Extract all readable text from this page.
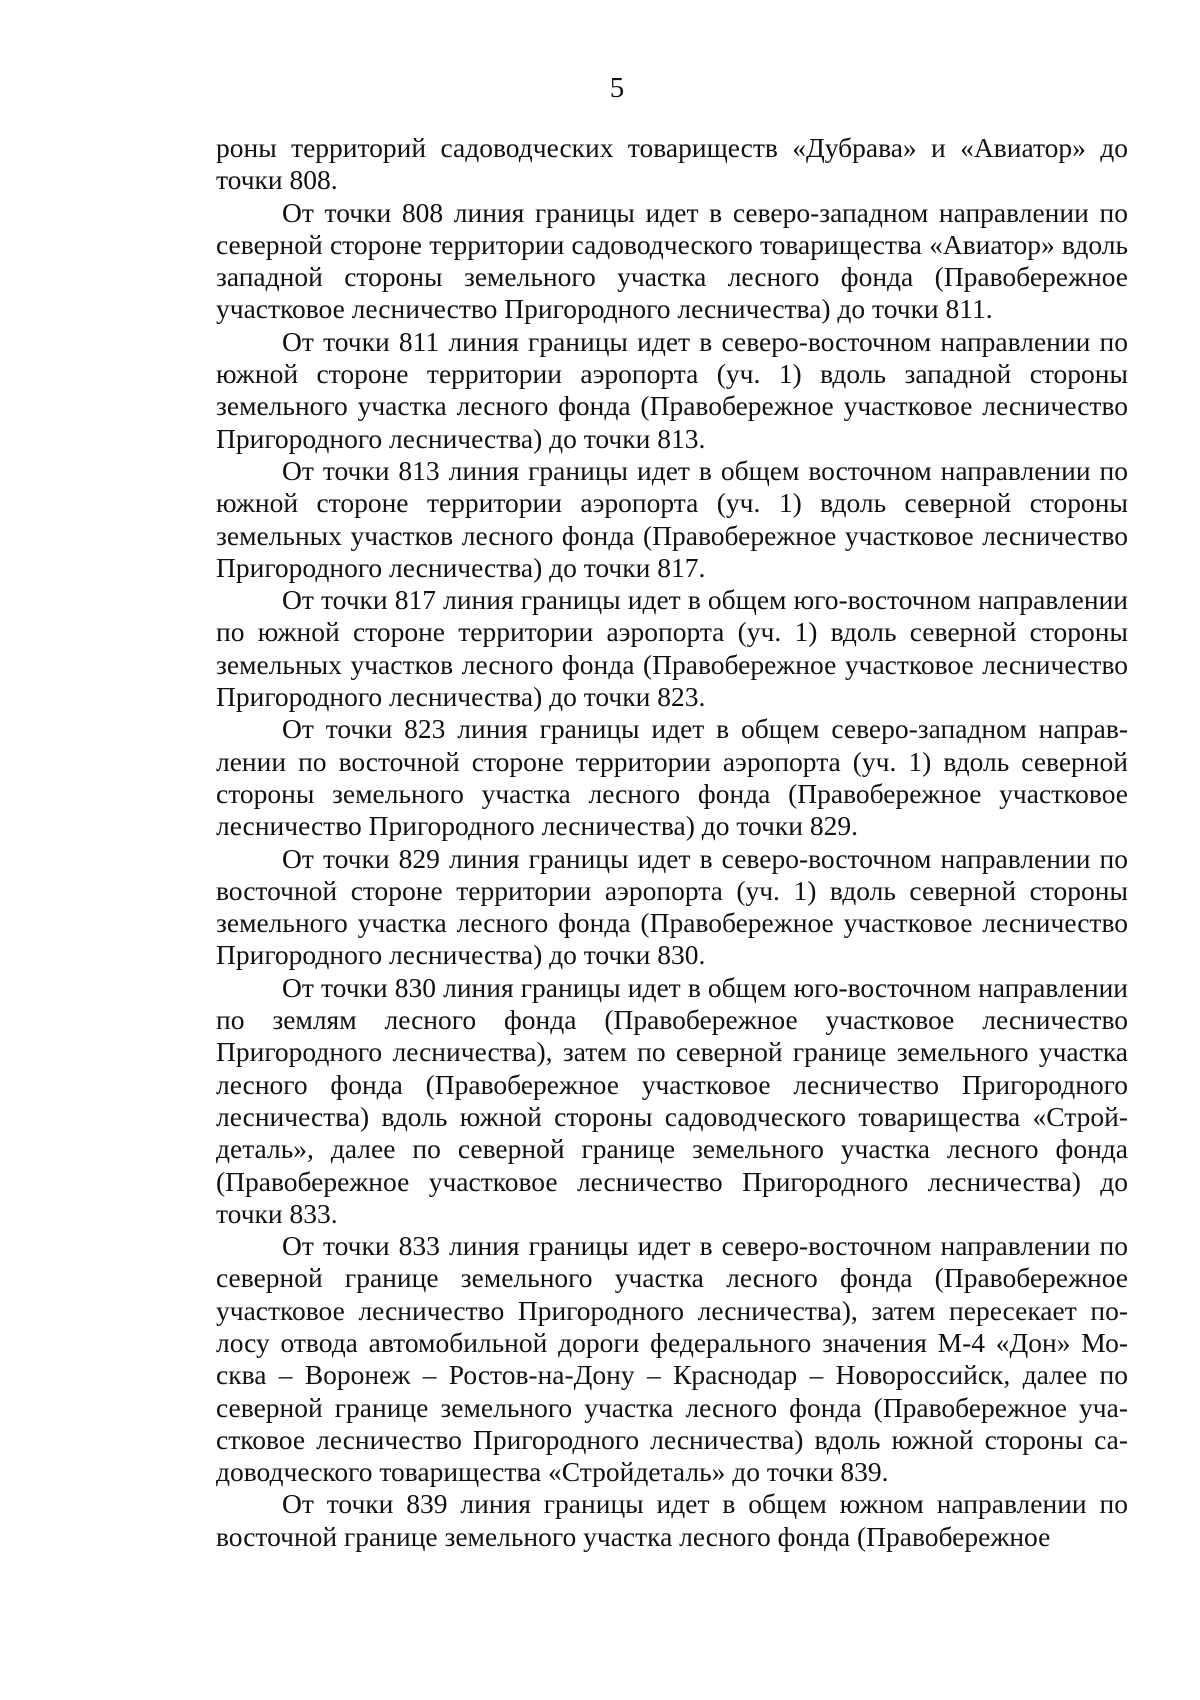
5

роны территорий садоводческих товариществ «Дубрава» и «Авиатор» до точки 808.

От точки 808 линия границы идет в северо-западном направлении по северной стороне территории садоводческого товарищества «Авиатор» вдоль западной стороны земельного участка лесного фонда (Правобережное участковое лесничество Пригородного лесничества) до точки 811.

От точки 811 линия границы идет в северо-восточном направлении по южной стороне территории аэропорта (уч. 1) вдоль западной стороны земельного участка лесного фонда (Правобережное участковое лесничество Пригородного лесничества) до точки 813.

От точки 813 линия границы идет в общем восточном направлении по южной стороне территории аэропорта (уч. 1) вдоль северной стороны земельных участков лесного фонда (Правобережное участковое лесничество Пригородного лесничества) до точки 817.

От точки 817 линия границы идет в общем юго-восточном направлении по южной стороне территории аэропорта (уч. 1) вдоль северной стороны земельных участков лесного фонда (Правобережное участковое лесничество Пригородного лесничества) до точки 823.

От точки 823 линия границы идет в общем северо-западном направлении по восточной стороне территории аэропорта (уч. 1) вдоль северной стороны земельного участка лесного фонда (Правобережное участковое лесничество Пригородного лесничества) до точки 829.

От точки 829 линия границы идет в северо-восточном направлении по восточной стороне территории аэропорта (уч. 1) вдоль северной стороны земельного участка лесного фонда (Правобережное участковое лесничество Пригородного лесничества) до точки 830.

От точки 830 линия границы идет в общем юго-восточном направлении по землям лесного фонда (Правобережное участковое лесничество Пригородного лесничества), затем по северной границе земельного участка лесного фонда (Правобережное участковое лесничество Пригородного лесничества) вдоль южной стороны садоводческого товарищества «Стройдеталь», далее по северной границе земельного участка лесного фонда (Правобережное участковое лесничество Пригородного лесничества) до точки 833.

От точки 833 линия границы идет в северо-восточном направлении по северной границе земельного участка лесного фонда (Правобережное участковое лесничество Пригородного лесничества), затем пересекает полосу отвода автомобильной дороги федерального значения М-4 «Дон» Москва – Воронеж – Ростов-на-Дону – Краснодар – Новороссийск, далее по северной границе земельного участка лесного фонда (Правобережное участковое лесничество Пригородного лесничества) вдоль южной стороны садоводческого товарищества «Стройдеталь» до точки 839.

От точки 839 линия границы идет в общем южном направлении по восточной границе земельного участка лесного фонда (Правобережное
